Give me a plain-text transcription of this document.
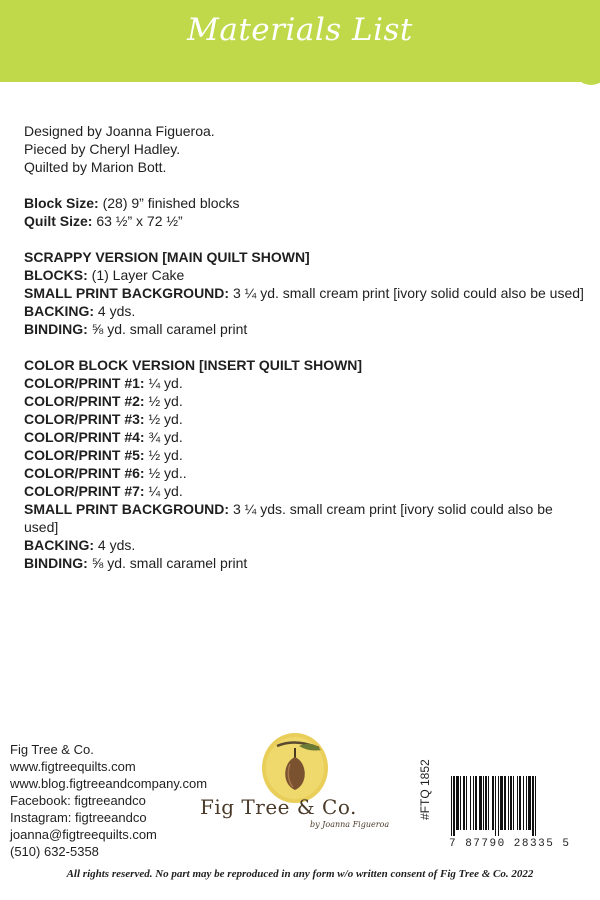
Materials List

Designed by Joanna Figueroa.

Pieced by Cheryl Hadley.

Quilted by Marion Bott.

Block Size: (28) 9” finished blocks

Quilt Size: 63 ½” x 72 ½”

SCRAPPY VERSION [MAIN QUILT SHOWN]

BLOCKS: (1) Layer Cake

SMALL PRINT BACKGROUND: 3 ¼ yd. small cream print [ivory solid could also be used]

BACKING: 4 yds.

BINDING: ⅝ yd. small caramel print

COLOR BLOCK VERSION [INSERT QUILT SHOWN]

COLOR/PRINT #1: ¼ yd.

COLOR/PRINT #2: ½ yd.

COLOR/PRINT #3: ½ yd.

COLOR/PRINT #4: ¾ yd.

COLOR/PRINT #5: ½ yd.

COLOR/PRINT #6: ½ yd..

COLOR/PRINT #7: ¼ yd.

SMALL PRINT BACKGROUND: 3 ¼ yds. small cream print [ivory solid could also be used]

BACKING: 4 yds.

BINDING: ⅝ yd. small caramel print

Fig Tree & Co.
www.figtreequilts.com
www.blog.figtreeandcompany.com
Facebook: figtreeandco
Instagram: figtreeandco
joanna@figtreequilts.com
(510) 632-5358
Fig Tree & Co.
by Joanna Figueroa
#FTQ 1852
7 87790 28335 5
All rights reserved. No part may be reproduced in any form w/o written consent of Fig Tree & Co. 2022
